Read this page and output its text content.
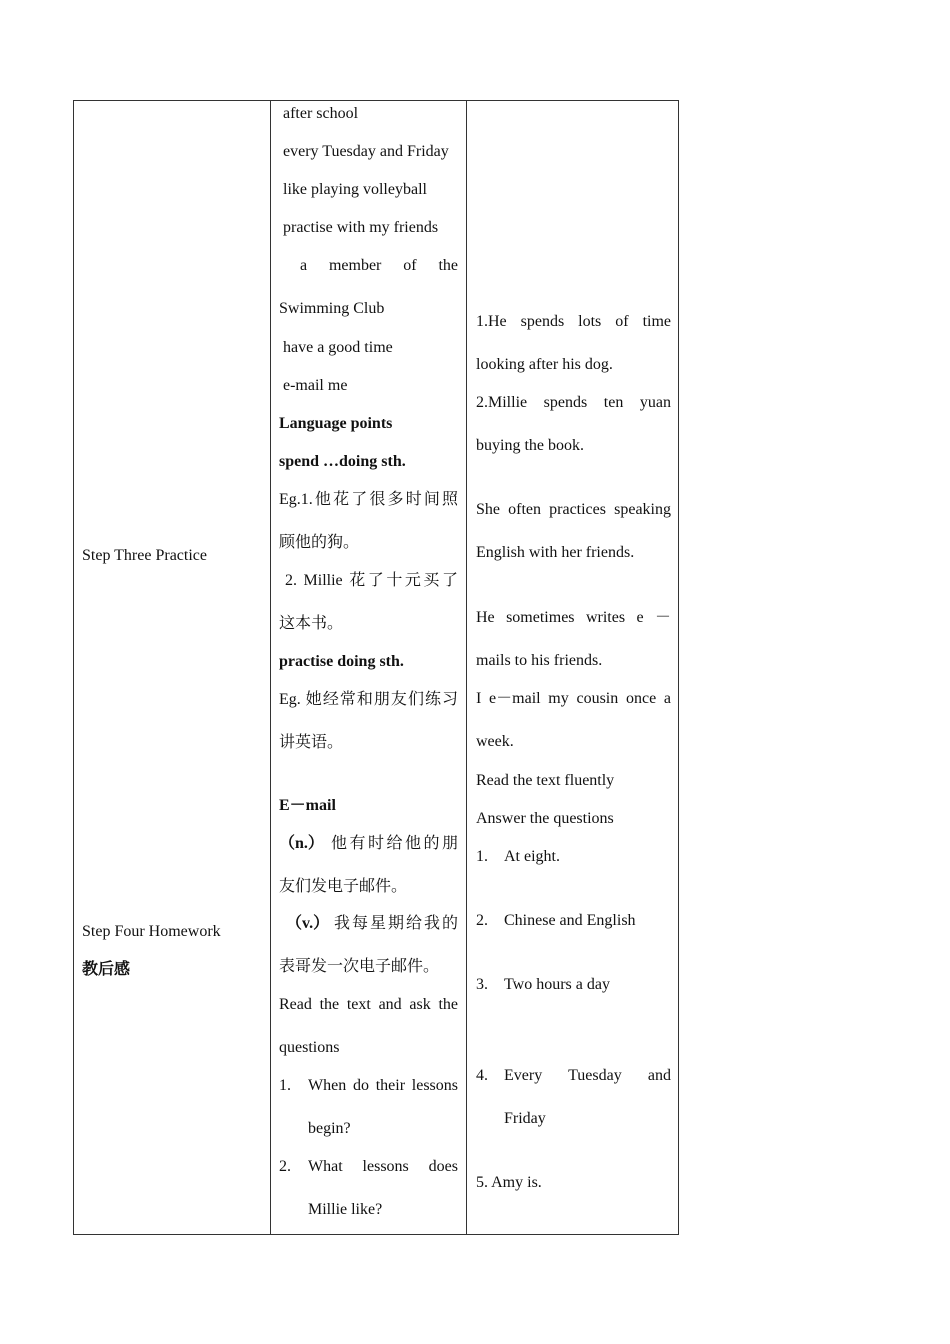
Step Three Practice
Step Four Homework
教后感
after school
every Tuesday and Friday
like playing volleyball
practise with my friends
a member of the
Swimming Club
have a good time
e-mail me
Language points
spend …doing sth.
Eg.1.他花了很多时间照
顾他的狗。
2. Millie 花了十元买了
这本书。
practise doing sth.
Eg. 她经常和朋友们练习
讲英语。
E－mail
（n.） 他有时给他的朋
友们发电子邮件。
（v.） 我每星期给我的
表哥发一次电子邮件。
Read the text and ask the
questions
1. When do their lessons
begin?
2. What lessons does
Millie like?
1.He spends lots of time
looking after his dog.
2.Millie spends ten yuan
buying the book.
She often practices speaking
English with her friends.
He sometimes writes e －
mails to his friends.
I e－mail my cousin once a
week.
Read the text fluently
Answer the questions
1. At eight.
2. Chinese and English
3. Two hours a day
4. Every Tuesday and
Friday
5. Amy is.
